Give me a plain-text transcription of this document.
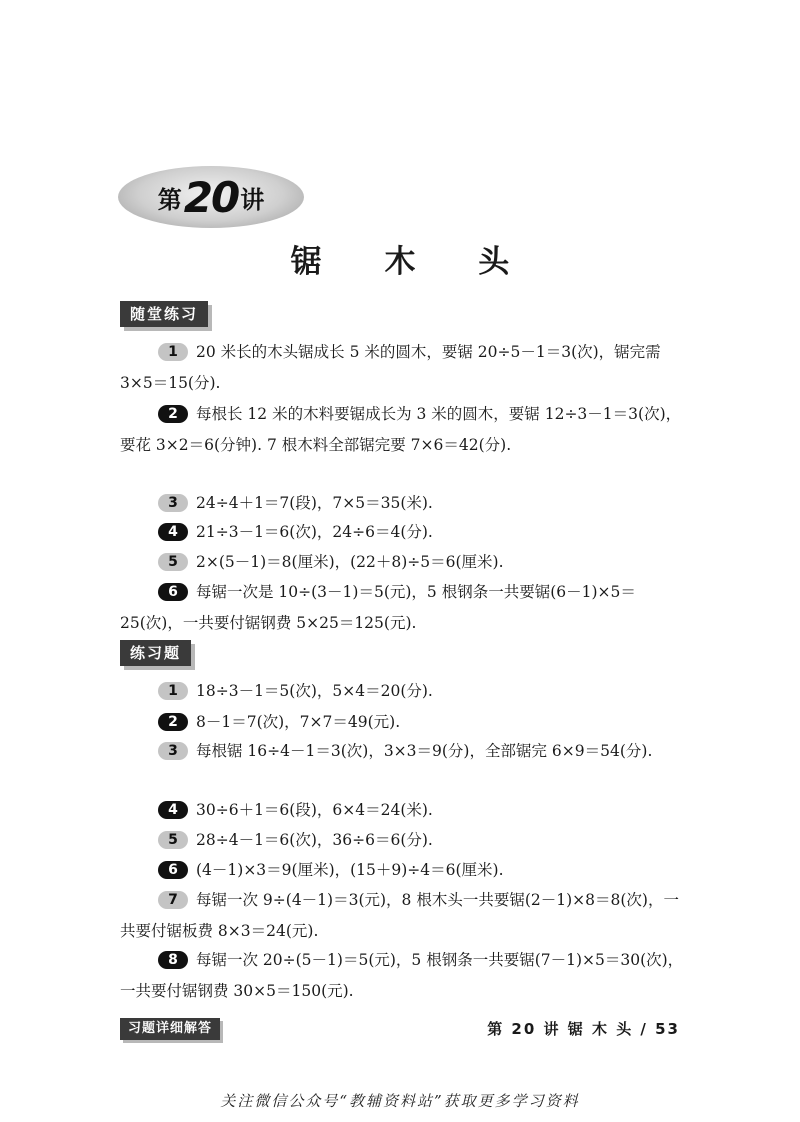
第 20 讲
锯 木 头
随堂练习
1 20 米长的木头锯成长 5 米的圆木，要锯 20÷5－1＝3(次)，锯完需 3×5＝15(分).
2 每根长 12 米的木料要锯成长为 3 米的圆木，要锯 12÷3－1＝3(次)，要花 3×2＝6(分钟). 7 根木料全部锯完要 7×6＝42(分).
3 24÷4＋1＝7(段)，7×5＝35(米).
4 21÷3－1＝6(次)，24÷6＝4(分).
5 2×(5－1)＝8(厘米)，(22＋8)÷5＝6(厘米).
6 每锯一次是 10÷(3－1)＝5(元)，5 根钢条一共要锯(6－1)×5＝25(次)，一共要付锯钢费 5×25＝125(元).
练习题
1 18÷3－1＝5(次)，5×4＝20(分).
2 8－1＝7(次)，7×7＝49(元).
3 每根锯 16÷4－1＝3(次)，3×3＝9(分)，全部锯完 6×9＝54(分).
4 30÷6＋1＝6(段)，6×4＝24(米).
5 28÷4－1＝6(次)，36÷6＝6(分).
6 (4－1)×3＝9(厘米)，(15＋9)÷4＝6(厘米).
7 每锯一次 9÷(4－1)＝3(元)，8 根木头一共要锯(2－1)×8＝8(次)，一共要付锯板费 8×3＝24(元).
8 每锯一次 20÷(5－1)＝5(元)，5 根钢条一共要锯(7－1)×5＝30(次)，一共要付锯钢费 30×5＝150(元).
习题详细解答	第 20 讲 锯 木 头 / 53
关注微信公众号“教辅资料站”获取更多学习资料
